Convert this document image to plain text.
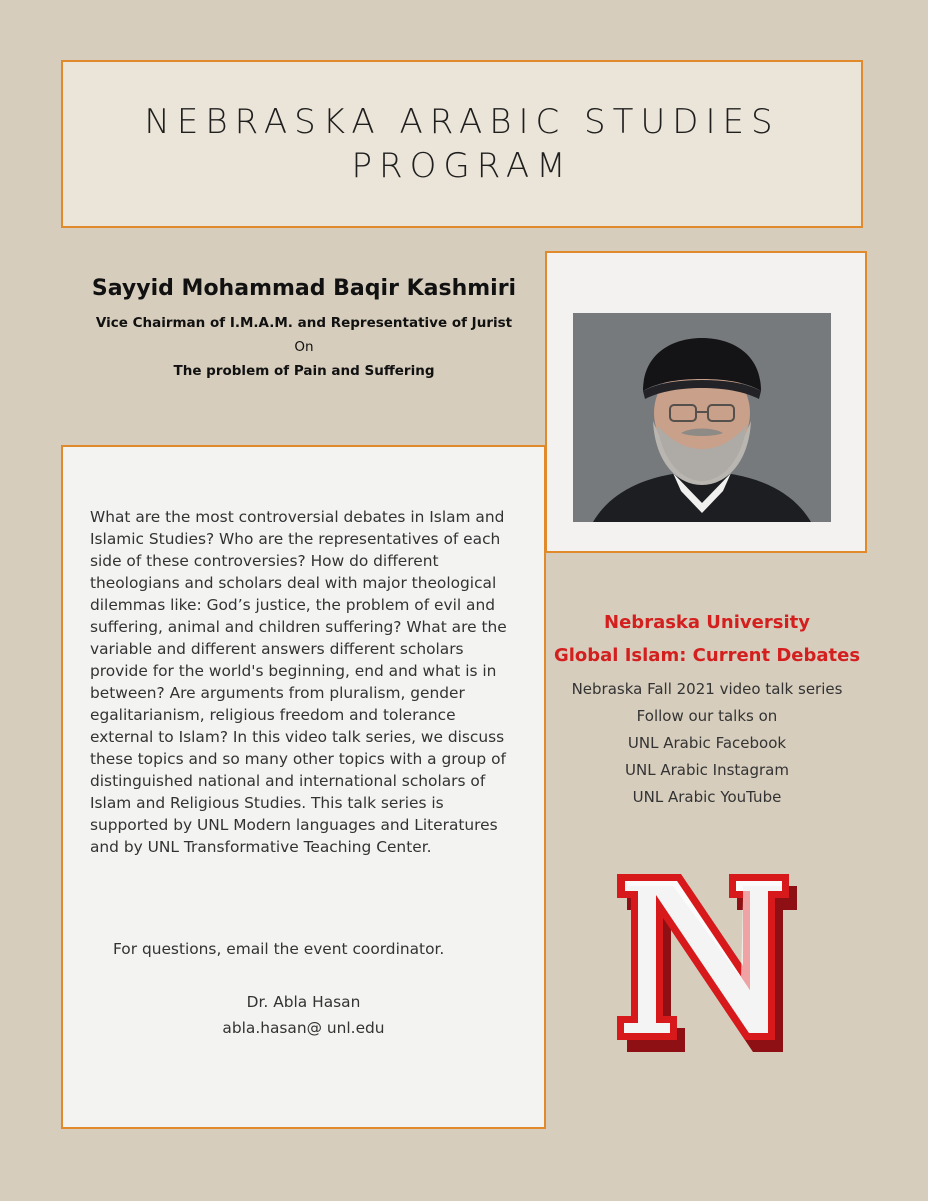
NEBRASKA ARABIC STUDIES
PROGRAM
Sayyid Mohammad Baqir Kashmiri
Vice Chairman of I.M.A.M. and Representative of Jurist
On
The problem of Pain and Suffering
What are the most controversial debates in Islam and Islamic Studies? Who are the representatives of each side of these controversies? How do different theologians and scholars deal with major theological dilemmas like: God’s justice, the problem of evil and suffering, animal and children suffering? What are the variable and different answers different scholars provide for the world's beginning, end and what is in between? Are arguments from pluralism, gender egalitarianism, religious freedom and tolerance external to Islam? In this video talk series, we discuss these topics and so many other topics with a group of distinguished national and international scholars of Islam and Religious Studies. This talk series is supported by UNL Modern languages and Literatures and by UNL Transformative Teaching Center.
For questions, email the event coordinator.
Dr. Abla Hasan
abla.hasan@ unl.edu
Nebraska University
Global Islam: Current Debates
Nebraska Fall 2021 video talk series
Follow our talks on
UNL Arabic Facebook
UNL Arabic Instagram
UNL Arabic YouTube
